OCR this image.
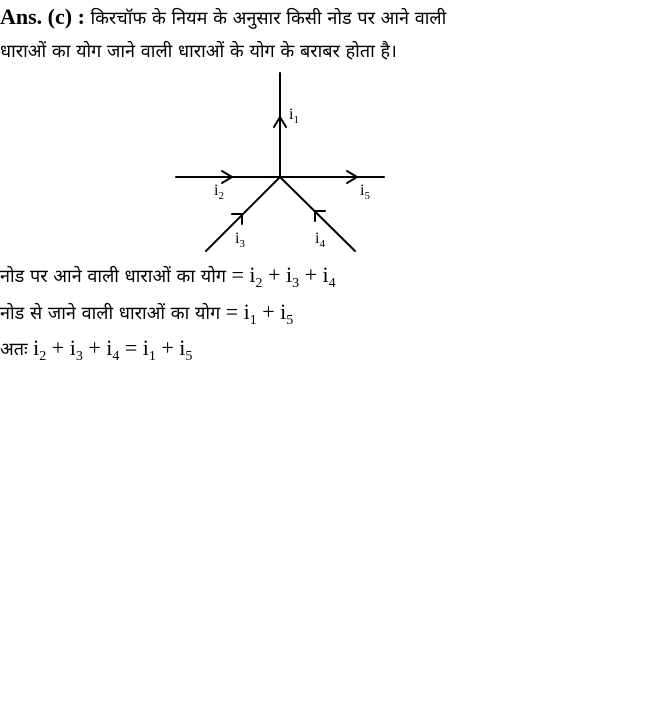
Ans. (c) : किरचॉफ के नियम के अनुसार किसी नोड पर आने वाली
धाराओं का योग जाने वाली धाराओं के योग के बराबर होता है।
$i_1$
$i_2$	$i_5$
$i_3$	$i_4$
नोड पर आने वाली धाराओं का योग = $i_2 + i_3 + i_4$
नोड से जाने वाली धाराओं का योग = $i_1 + i_5$
अतः $i_2 + i_3 + i_4 = i_1 + i_5$
